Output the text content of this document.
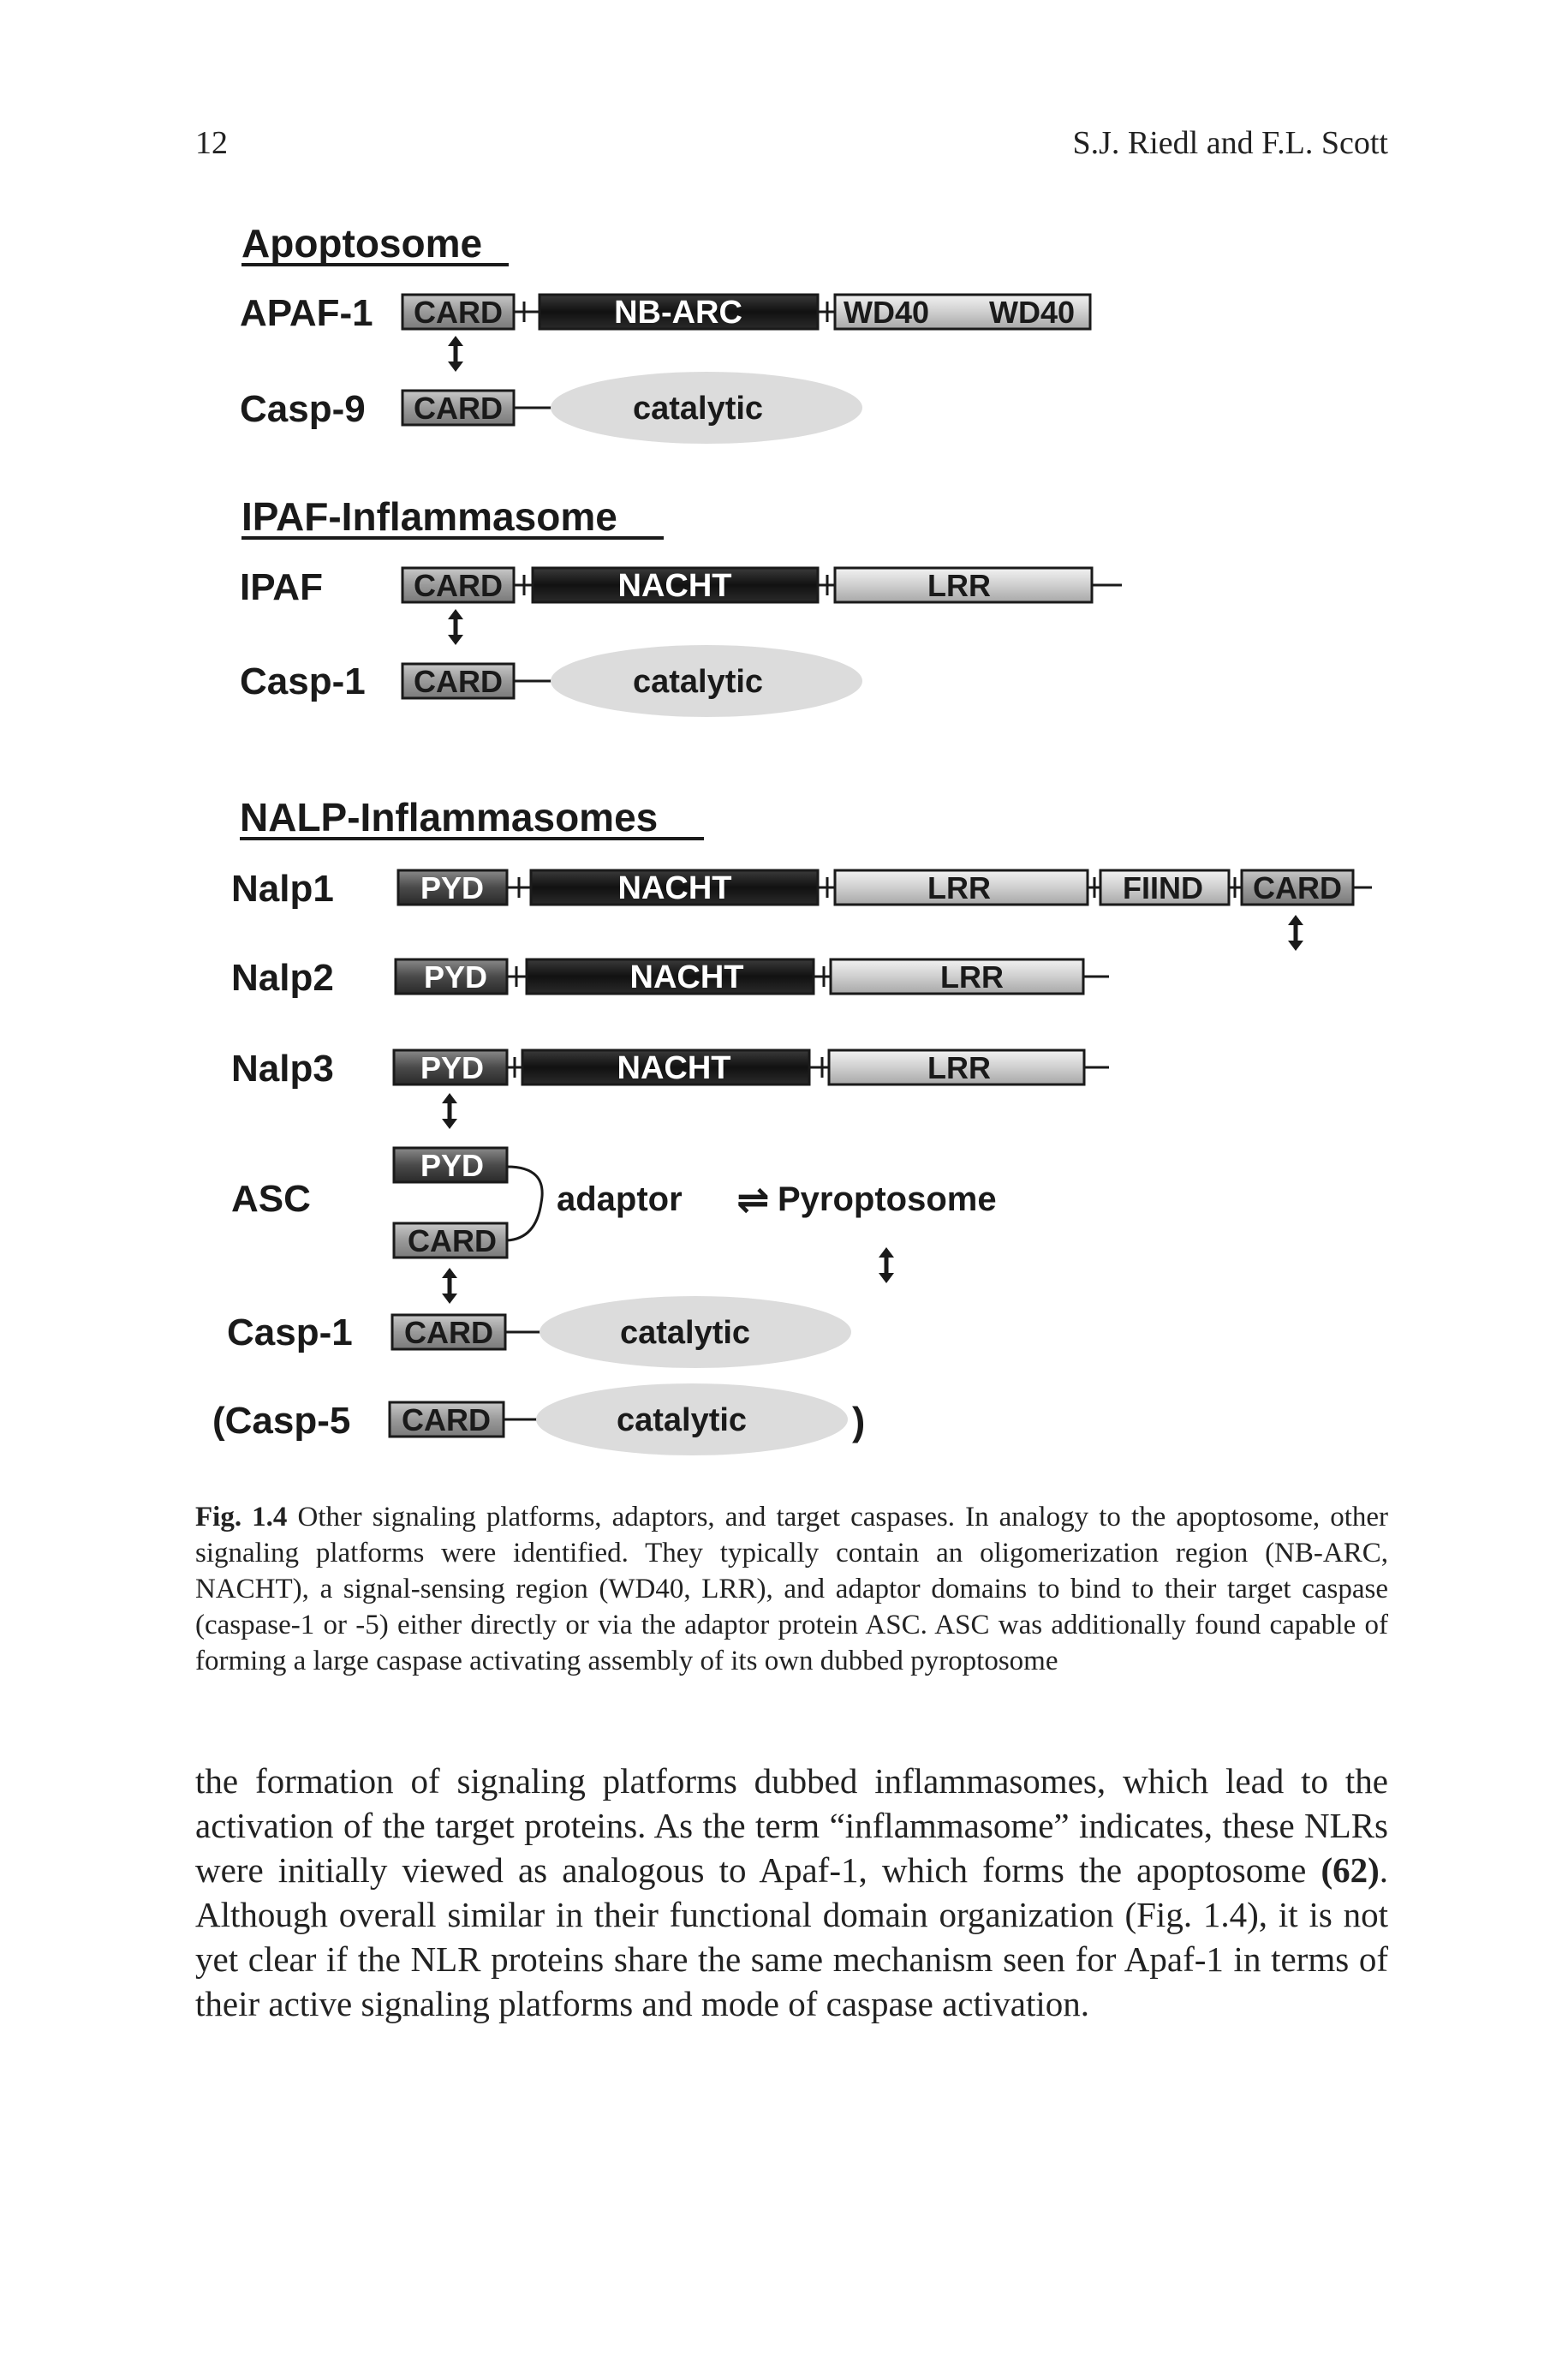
12	S.J. Riedl and F.L. Scott
Apoptosome
APAF-1 CARD	NB-ARC	WD40 WD40
Casp-9 CARD	catalytic
IPAF-Inflammasome
IPAF	CARD	NACHT	LRR
Casp-1 CARD	catalytic
NALP-Inflammasomes
Nalp1	PYD	NACHT	LRR	FIIND CARD
Nalp2	PYD	NACHT	LRR
Nalp3	PYD	NACHT	LRR
ASC
PYD
CARD
adaptor ⇌ Pyroptosome
Casp-1 CARD	catalytic
(Casp-5 CARD	catalytic	)
Fig. 1.4 Other signaling platforms, adaptors, and target caspases. In analogy to the apoptosome, other signaling platforms were identified. They typically contain an oligomerization region (NB-ARC, NACHT), a signal-sensing region (WD40, LRR), and adaptor domains to bind to their target caspase (caspase-1 or -5) either directly or via the adaptor protein ASC. ASC was additionally found capable of forming a large caspase activating assembly of its own dubbed pyroptosome
the formation of signaling platforms dubbed inflammasomes, which lead to the activation of the target proteins. As the term “inflammasome” indicates, these NLRs were initially viewed as analogous to Apaf-1, which forms the apoptosome (62). Although overall similar in their functional domain organization (Fig. 1.4), it is not yet clear if the NLR proteins share the same mechanism seen for Apaf-1 in terms of their active signaling platforms and mode of caspase activation.
